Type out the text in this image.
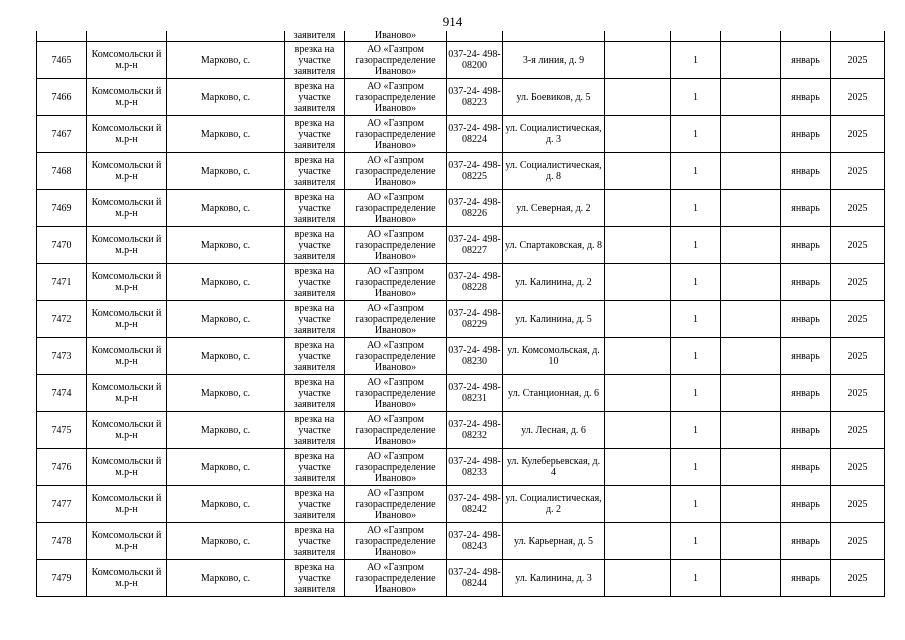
914
			заявителя	Иваново»							
7465	Комсомольски й м.р-н	Марково, с.	врезка на участке заявителя	АО «Газпром газораспределение Иваново»	037-24- 498-08200	3-я линия, д. 9		1		январь	2025
7466	Комсомольски й м.р-н	Марково, с.	врезка на участке заявителя	АО «Газпром газораспределение Иваново»	037-24- 498-08223	ул. Боевиков, д. 5		1		январь	2025
7467	Комсомольски й м.р-н	Марково, с.	врезка на участке заявителя	АО «Газпром газораспределение Иваново»	037-24- 498-08224	ул. Социалистическая, д. 3		1		январь	2025
7468	Комсомольски й м.р-н	Марково, с.	врезка на участке заявителя	АО «Газпром газораспределение Иваново»	037-24- 498-08225	ул. Социалистическая, д. 8		1		январь	2025
7469	Комсомольски й м.р-н	Марково, с.	врезка на участке заявителя	АО «Газпром газораспределение Иваново»	037-24- 498-08226	ул. Северная, д. 2		1		январь	2025
7470	Комсомольски й м.р-н	Марково, с.	врезка на участке заявителя	АО «Газпром газораспределение Иваново»	037-24- 498-08227	ул. Спартаковская, д. 8		1		январь	2025
7471	Комсомольски й м.р-н	Марково, с.	врезка на участке заявителя	АО «Газпром газораспределение Иваново»	037-24- 498-08228	ул. Калинина, д. 2		1		январь	2025
7472	Комсомольски й м.р-н	Марково, с.	врезка на участке заявителя	АО «Газпром газораспределение Иваново»	037-24- 498-08229	ул. Калинина, д. 5		1		январь	2025
7473	Комсомольски й м.р-н	Марково, с.	врезка на участке заявителя	АО «Газпром газораспределение Иваново»	037-24- 498-08230	ул. Комсомольская, д. 10		1		январь	2025
7474	Комсомольски й м.р-н	Марково, с.	врезка на участке заявителя	АО «Газпром газораспределение Иваново»	037-24- 498-08231	ул. Станционная, д. 6		1		январь	2025
7475	Комсомольски й м.р-н	Марково, с.	врезка на участке заявителя	АО «Газпром газораспределение Иваново»	037-24- 498-08232	ул. Лесная, д. 6		1		январь	2025
7476	Комсомольски й м.р-н	Марково, с.	врезка на участке заявителя	АО «Газпром газораспределение Иваново»	037-24- 498-08233	ул. Кулеберьевская, д. 4		1		январь	2025
7477	Комсомольски й м.р-н	Марково, с.	врезка на участке заявителя	АО «Газпром газораспределение Иваново»	037-24- 498-08242	ул. Социалистическая, д. 2		1		январь	2025
7478	Комсомольски й м.р-н	Марково, с.	врезка на участке заявителя	АО «Газпром газораспределение Иваново»	037-24- 498-08243	ул. Карьерная, д. 5		1		январь	2025
7479	Комсомольски й м.р-н	Марково, с.	врезка на участке заявителя	АО «Газпром газораспределение Иваново»	037-24- 498-08244	ул. Калинина, д. 3		1		январь	2025
